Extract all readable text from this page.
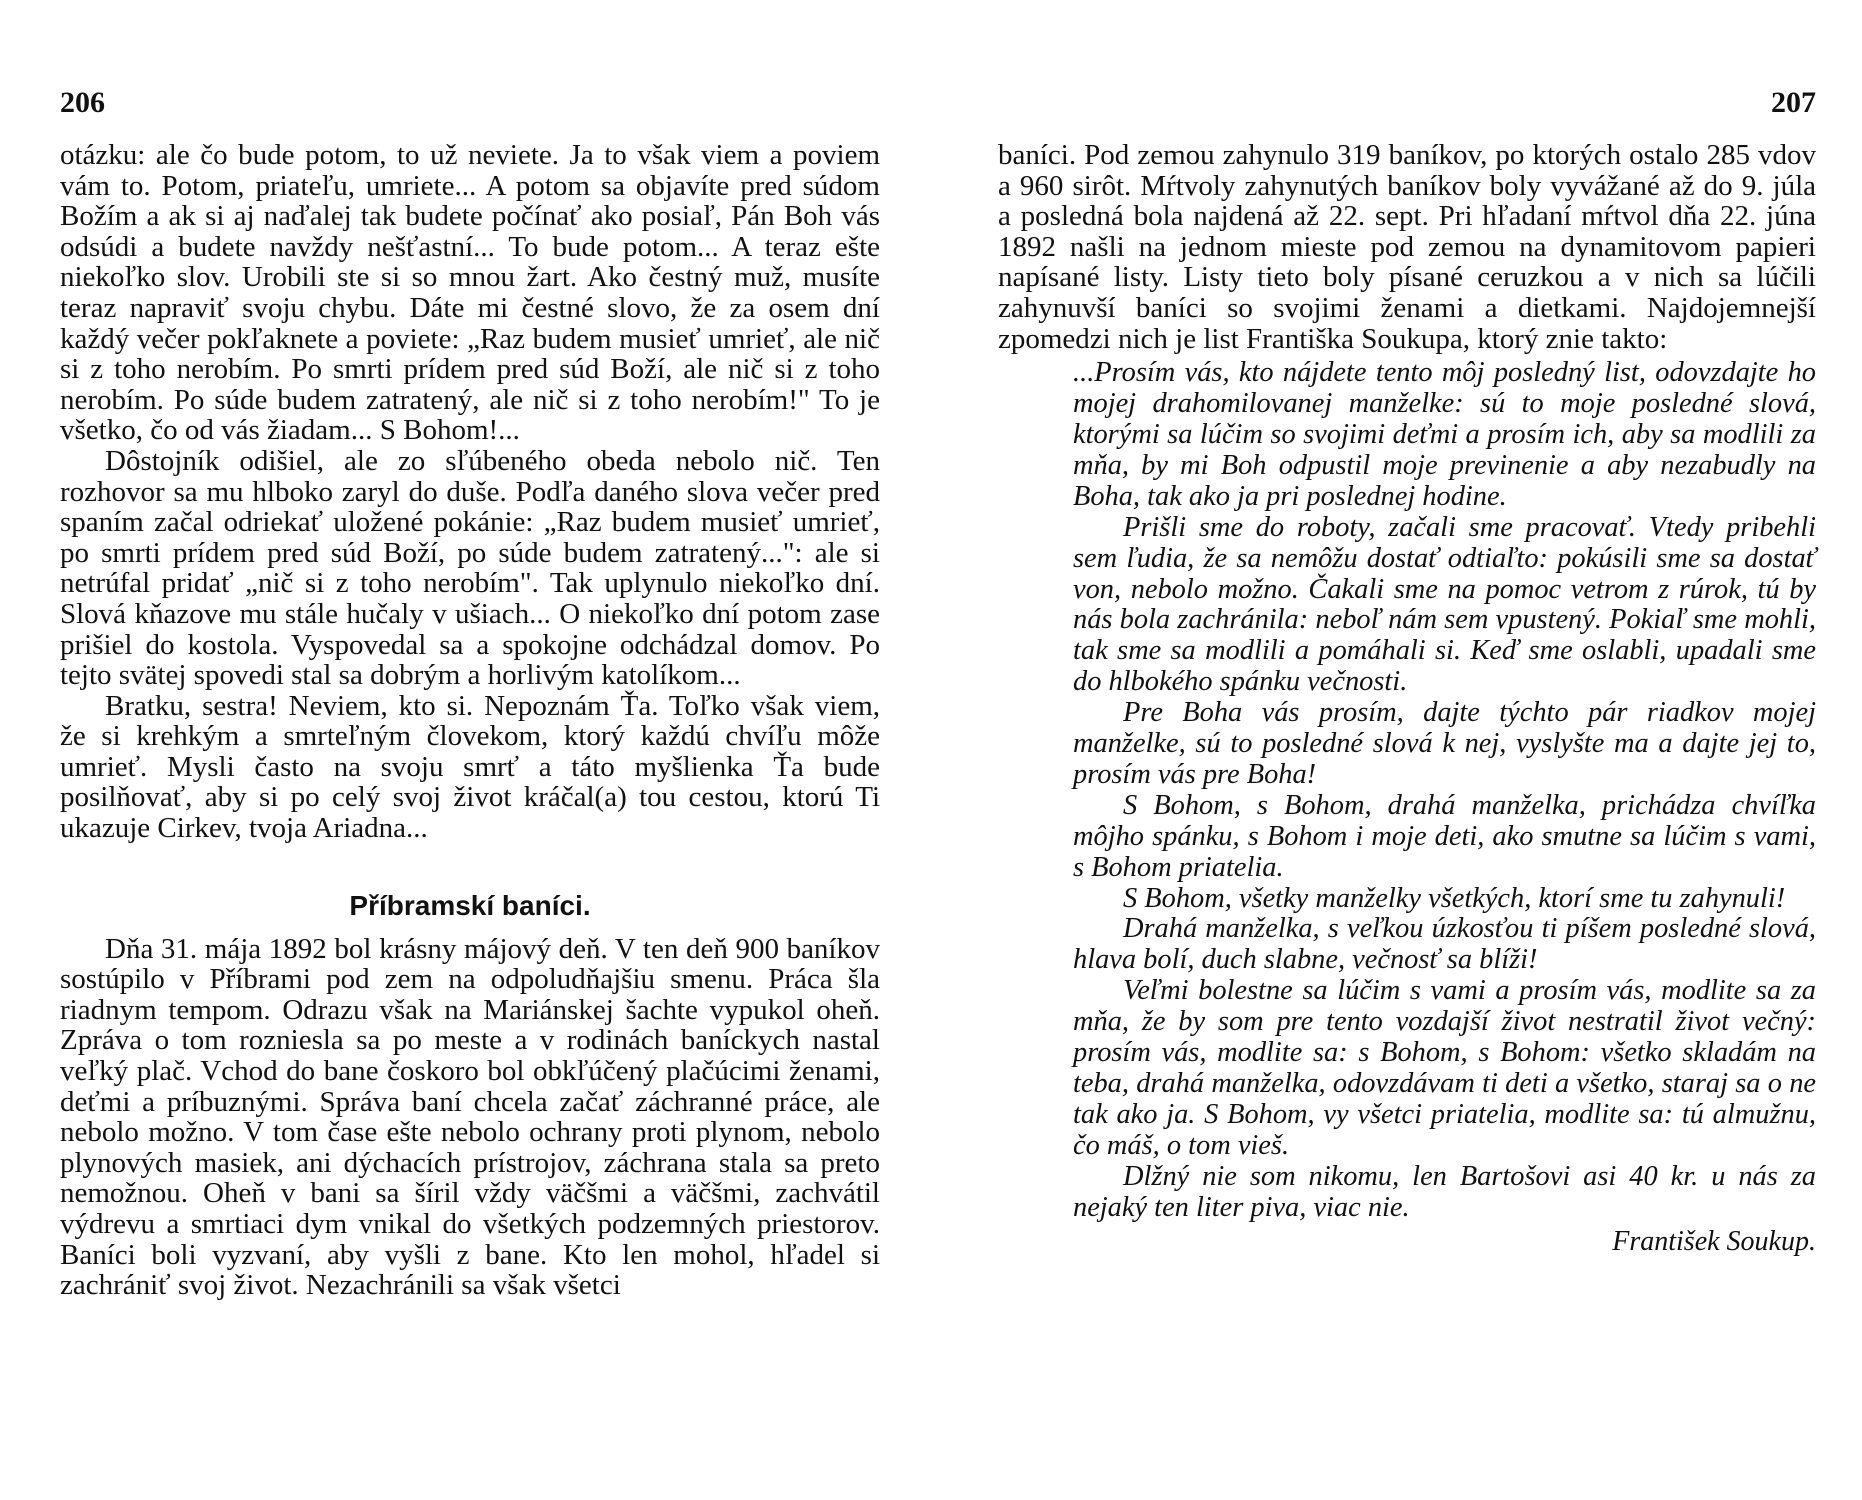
206

otázku: ale čo bude potom, to už neviete. Ja to však viem a poviem vám to. Potom, priateľu, umriete... A potom sa objavíte pred súdom Božím a ak si aj naďalej tak budete počínať ako posiaľ, Pán Boh vás odsúdi a budete navždy nešťastní... To bude potom... A teraz ešte niekoľko slov. Urobili ste si so mnou žart. Ako čestný muž, musíte teraz napraviť svoju chybu. Dáte mi čestné slovo, že za osem dní každý večer pokľaknete a poviete: „Raz budem musieť umrieť, ale nič si z toho nerobím. Po smrti prídem pred súd Boží, ale nič si z toho nerobím. Po súde budem zatratený, ale nič si z toho nerobím!" To je všetko, čo od vás žiadam... S Bohom!...

Dôstojník odišiel, ale zo sľúbeného obeda nebolo nič. Ten rozhovor sa mu hlboko zaryl do duše. Podľa daného slova večer pred spaním začal odriekať uložené pokánie: „Raz budem musieť umrieť, po smrti prídem pred súd Boží, po súde budem zatratený...": ale si netrúfal pridať „nič si z toho nerobím". Tak uplynulo niekoľko dní. Slová kňazove mu stále hučaly v ušiach... O niekoľko dní potom zase prišiel do kostola. Vyspovedal sa a spokojne odchádzal domov. Po tejto svätej spovedi stal sa dobrým a horlivým katolíkom...

Bratku, sestra! Neviem, kto si. Nepoznám Ťa. Toľko však viem, že si krehkým a smrteľným človekom, ktorý každú chvíľu môže umrieť. Mysli často na svoju smrť a táto myšlienka Ťa bude posilňovať, aby si po celý svoj život kráčal(a) tou cestou, ktorú Ti ukazuje Cirkev, tvoja Ariadna...

Příbramskí baníci.

Dňa 31. mája 1892 bol krásny májový deň. V ten deň 900 baníkov sostúpilo v Příbrami pod zem na odpoludňajšiu smenu. Práca šla riadnym tempom. Odrazu však na Mariánskej šachte vypukol oheň. Zpráva o tom rozniesla sa po meste a v rodinách baníckych nastal veľký plač. Vchod do bane čoskoro bol obkľúčený plačúcimi ženami, deťmi a príbuznými. Správa baní chcela začať záchranné práce, ale nebolo možno. V tom čase ešte nebolo ochrany proti plynom, nebolo plynových masiek, ani dýchacích prístrojov, záchrana stala sa preto nemožnou. Oheň v bani sa šíril vždy väčšmi a väčšmi, zachvátil výdrevu a smrtiaci dym vnikal do všetkých podzemných priestorov. Baníci boli vyzvaní, aby vyšli z bane. Kto len mohol, hľadel si zachrániť svoj život. Nezachránili sa však všetci

207

baníci. Pod zemou zahynulo 319 baníkov, po ktorých ostalo 285 vdov a 960 sirôt. Mŕtvoly zahynutých baníkov boly vyvážané až do 9. júla a posledná bola najdená až 22. sept. Pri hľadaní mŕtvol dňa 22. júna 1892 našli na jednom mieste pod zemou na dynamitovom papieri napísané listy. Listy tieto boly písané ceruzkou a v nich sa lúčili zahynuvší baníci so svojimi ženami a dietkami. Najdojemnejší zpomedzi nich je list Františka Soukupa, ktorý znie takto:

...Prosím vás, kto nájdete tento môj posledný list, odovzdajte ho mojej drahomilovanej manželke: sú to moje posledné slová, ktorými sa lúčim so svojimi deťmi a prosím ich, aby sa modlili za mňa, by mi Boh odpustil moje previnenie a aby nezabudly na Boha, tak ako ja pri poslednej hodine.

Prišli sme do roboty, začali sme pracovať. Vtedy pribehli sem ľudia, že sa nemôžu dostať odtiaľto: pokúsili sme sa dostať von, nebolo možno. Čakali sme na pomoc vetrom z rúrok, tú by nás bola zachránila: neboľ nám sem vpustený. Pokiaľ sme mohli, tak sme sa modlili a pomáhali si. Keď sme oslabli, upadali sme do hlbokého spánku večnosti.

Pre Boha vás prosím, dajte týchto pár riadkov mojej manželke, sú to posledné slová k nej, vyslyšte ma a dajte jej to, prosím vás pre Boha!

S Bohom, s Bohom, drahá manželka, prichádza chvíľka môjho spánku, s Bohom i moje deti, ako smutne sa lúčim s vami, s Bohom priatelia.

S Bohom, všetky manželky všetkých, ktorí sme tu zahynuli!

Drahá manželka, s veľkou úzkosťou ti píšem posledné slová, hlava bolí, duch slabne, večnosť sa blíži!

Veľmi bolestne sa lúčim s vami a prosím vás, modlite sa za mňa, že by som pre tento vozdajší život nestratil život večný: prosím vás, modlite sa: s Bohom, s Bohom: všetko skladám na teba, drahá manželka, odovzdávam ti deti a všetko, staraj sa o ne tak ako ja. S Bohom, vy všetci priatelia, modlite sa: tú almužnu, čo máš, o tom vieš.

Dlžný nie som nikomu, len Bartošovi asi 40 kr. u nás za nejaký ten liter piva, viac nie.

František Soukup.
